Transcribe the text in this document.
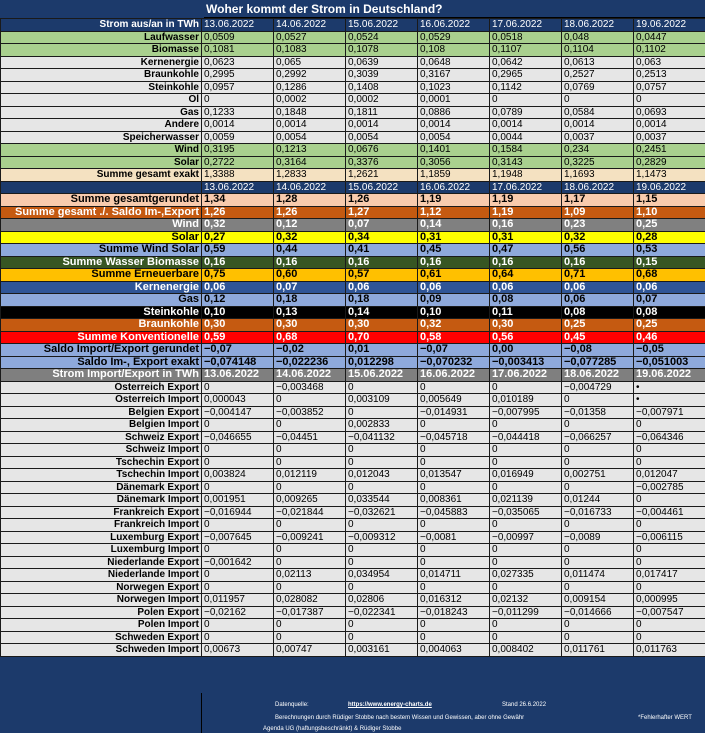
Woher kommt der Strom in Deutschland?
Strom aus/an in TWh	13.06.2022	14.06.2022	15.06.2022	16.06.2022	17.06.2022	18.06.2022	19.06.2022
Laufwasser	0,0509	0,0527	0,0524	0,0529	0,0518	0,048	0,0447
Biomasse	0,1081	0,1083	0,1078	0,108	0,1107	0,1104	0,1102
Kernenergie	0,0623	0,065	0,0639	0,0648	0,0642	0,0613	0,063
Braunkohle	0,2995	0,2992	0,3039	0,3167	0,2965	0,2527	0,2513
Steinkohle	0,0957	0,1286	0,1408	0,1023	0,1142	0,0769	0,0757
Öl	0	0,0002	0,0002	0,0001	0	0	0
Gas	0,1233	0,1848	0,1811	0,0886	0,0789	0,0584	0,0693
Andere	0,0014	0,0014	0,0014	0,0014	0,0014	0,0014	0,0014
Speicherwasser	0,0059	0,0054	0,0054	0,0054	0,0044	0,0037	0,0037
Wind	0,3195	0,1213	0,0676	0,1401	0,1584	0,234	0,2451
Solar	0,2722	0,3164	0,3376	0,3056	0,3143	0,3225	0,2829
Summe gesamt exakt	1,3388	1,2833	1,2621	1,1859	1,1948	1,1693	1,1473
	13.06.2022	14.06.2022	15.06.2022	16.06.2022	17.06.2022	18.06.2022	19.06.2022
Summe gesamtgerundet	1,34	1,28	1,26	1,19	1,19	1,17	1,15
Summe gesamt ./. Saldo Im-,Export	1,26	1,26	1,27	1,12	1,19	1,09	1,10
Wind	0,32	0,12	0,07	0,14	0,16	0,23	0,25
Solar	0,27	0,32	0,34	0,31	0,31	0,32	0,28
Summe Wind Solar	0,59	0,44	0,41	0,45	0,47	0,56	0,53
Summe Wasser Biomasse	0,16	0,16	0,16	0,16	0,16	0,16	0,15
Summe Erneuerbare	0,75	0,60	0,57	0,61	0,64	0,71	0,68
Kernenergie	0,06	0,07	0,06	0,06	0,06	0,06	0,06
Gas	0,12	0,18	0,18	0,09	0,08	0,06	0,07
Steinkohle	0,10	0,13	0,14	0,10	0,11	0,08	0,08
Braunkohle	0,30	0,30	0,30	0,32	0,30	0,25	0,25
Summe Konventionelle	0,59	0,68	0,70	0,58	0,56	0,45	0,46
Saldo Import/Export gerundet	−0,07	−0,02	0,01	−0,07	0,00	−0,08	−0,05
Saldo Im-, Export exakt	−0,074148	−0,022236	0,012298	−0,070232	−0,003413	−0,077285	−0,051003
Strom Import/Export in TWh	13.06.2022	14.06.2022	15.06.2022	16.06.2022	17.06.2022	18.06.2022	19.06.2022
Österreich Export	0	−0,003468	0	0	0	−0,004729	•
Österreich Import	0,000043	0	0,003109	0,005649	0,010189	0	•
Belgien Export	−0,004147	−0,003852	0	−0,014931	−0,007995	−0,01358	−0,007971
Belgien Import	0	0	0,002833	0	0	0	0
Schweiz Export	−0,046655	−0,04451	−0,041132	−0,045718	−0,044418	−0,066257	−0,064346
Schweiz Import	0	0	0	0	0	0	0
Tschechin Export	0	0	0	0	0	0	0
Tschechin Import	0,003824	0,012119	0,012043	0,013547	0,016949	0,002751	0,012047
Dänemark Export	0	0	0	0	0	0	−0,002785
Dänemark Import	0,001951	0,009265	0,033544	0,008361	0,021139	0,01244	0
Frankreich Export	−0,016944	−0,021844	−0,032621	−0,045883	−0,035065	−0,016733	−0,004461
Frankreich Import	0	0	0	0	0	0	0
Luxemburg Export	−0,007645	−0,009241	−0,009312	−0,0081	−0,00997	−0,0089	−0,006115
Luxemburg Import	0	0	0	0	0	0	0
Niederlande Export	−0,001642	0	0	0	0	0	0
Niederlande Import	0	0,02113	0,034954	0,014711	0,027335	0,011474	0,017417
Norwegen Export	0	0	0	0	0	0	0
Norwegen Import	0,011957	0,028082	0,02806	0,016312	0,02132	0,009154	0,000995
Polen Export	−0,02162	−0,017387	−0,022341	−0,018243	−0,011299	−0,014666	−0,007547
Polen Import	0	0	0	0	0	0	0
Schweden Export	0	0	0	0	0	0	0
Schweden Import	0,00673	0,00747	0,003161	0,004063	0,008402	0,011761	0,011763
Datenquelle:	https://www.energy-charts.de	Stand 26.6.2022
Berechnungen durch Rüdiger Stobbe nach bestem Wissen und Gewissen, aber ohne Gewähr	*Fehlerhafter WERT
Agenda UG (haftungsbeschränkt) & Rüdiger Stobbe
